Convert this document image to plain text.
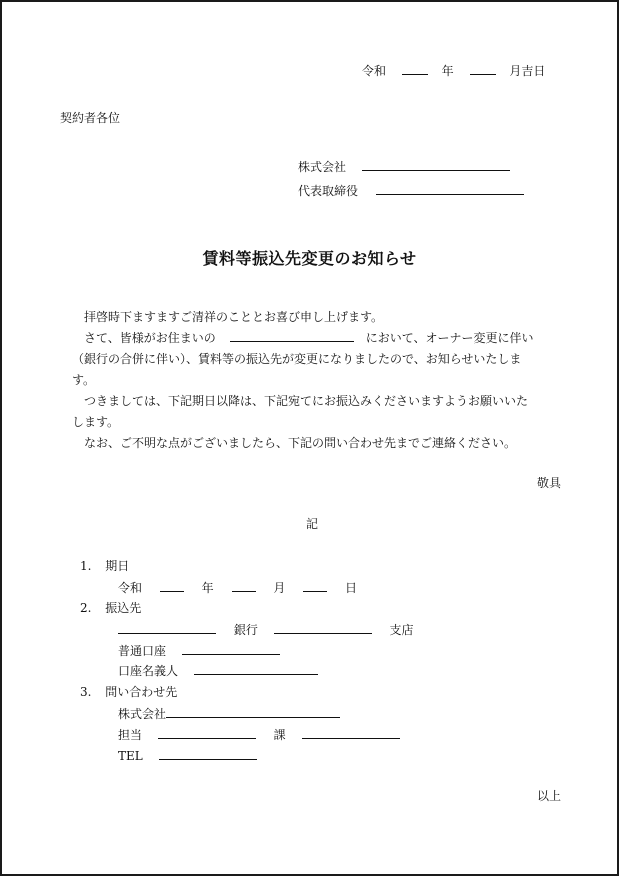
令和	年	月吉日
契約者各位
株式会社
代表取締役
賃料等振込先変更のお知らせ

拝啓時下ますますご清祥のこととお喜び申し上げます。

さて、皆様がお住まいの	において、オーナー変更に伴い

（銀行の合併に伴い）、賃料等の振込先が変更になりましたので、お知らせいたしま

す。

つきましては、下記期日以降は、下記宛てにお振込みくださいますようお願いいた

します。

なお、ご不明な点がございましたら、下記の問い合わせ先までご連絡ください。

敬具
記
1. 期日
令和	年	月	日
2. 振込先
銀行	支店
普通口座
口座名義人
3. 問い合わせ先
株式会社
担当	課
TEL
以上
